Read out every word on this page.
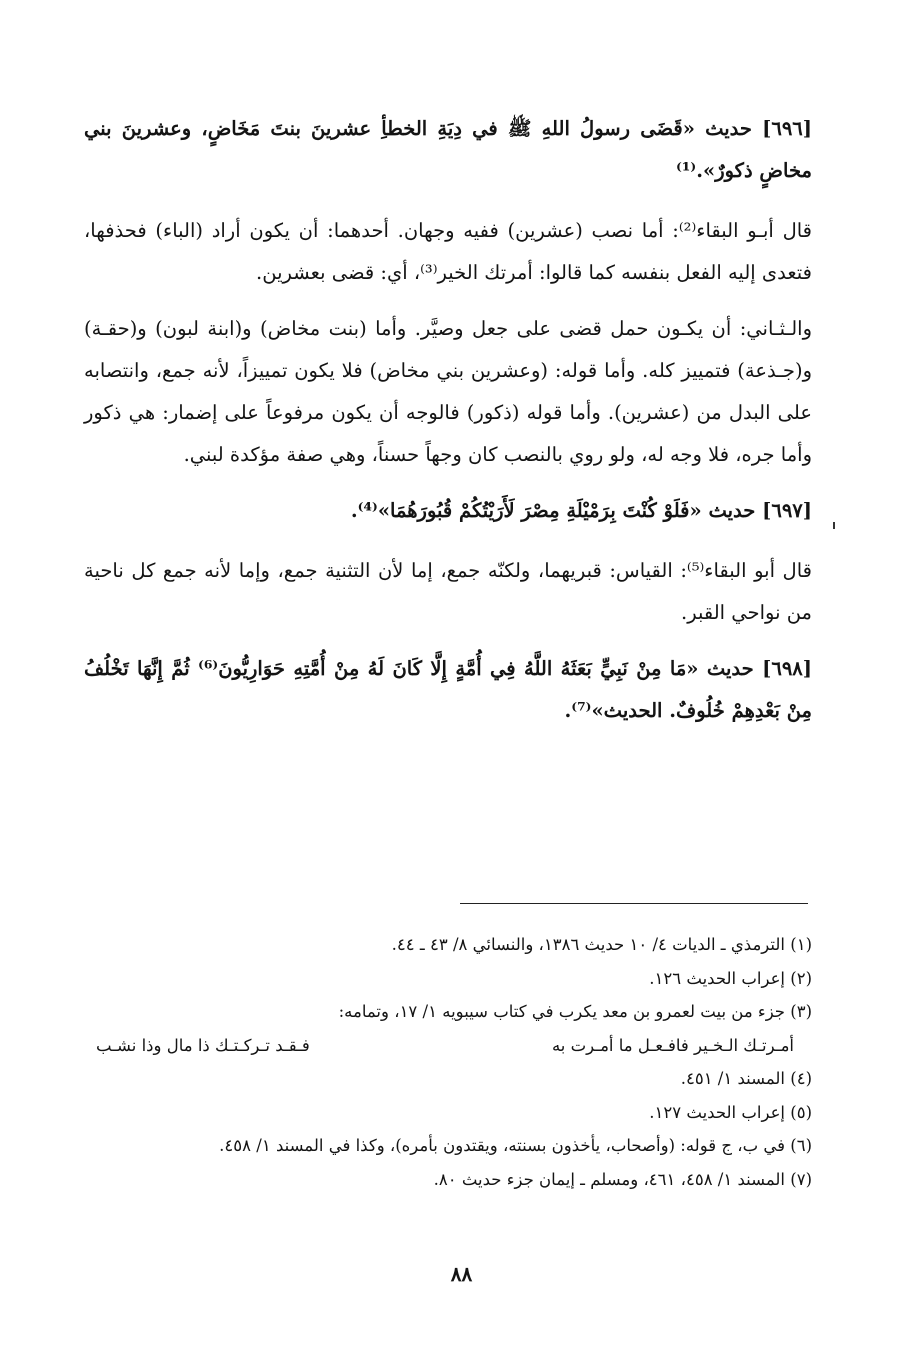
[٦٩٦] حديث «قَضَى رسولُ اللهِ ﷺ في دِيَةِ الخطأِ عشرينَ بنتَ مَخَاضٍ، وعشرينَ بني مخاضٍ ذكورٌ».⁽¹⁾

قال أبـو البقاء⁽²⁾: أما نصب (عشرين) ففيه وجهان. أحدهما: أن يكون أراد (الباء) فحذفها، فتعدى إليه الفعل بنفسه كما قالوا: أمرتك الخير⁽³⁾، أي: قضى بعشرين.

والـثـاني: أن يكـون حمل قضى على جعل وصيَّر. وأما (بنت مخاض) و(ابنة لبون) و(حقـة) و(جـذعة) فتمييز كله. وأما قوله: (وعشرين بني مخاض) فلا يكون تمييزاً، لأنه جمع، وانتصابه على البدل من (عشرين). وأما قوله (ذكور) فالوجه أن يكون مرفوعاً على إضمار: هي ذكور وأما جره، فلا وجه له، ولو روي بالنصب كان وجهاً حسناً، وهي صفة مؤكدة لبني.

[٦٩٧] حديث «فَلَوْ كُنْتَ بِرَمْيْلَةِ مِصْرَ لَأَرَيْتُكُمْ قُبُورَهُمَا»⁽⁴⁾.

قال أبو البقاء⁽⁵⁾: القياس: قبريهما، ولكنّه جمع، إما لأن التثنية جمع، وإما لأنه جمع كل ناحية من نواحي القبر.

[٦٩٨] حديث «مَا مِنْ نَبِيٍّ بَعَثَهُ اللَّهُ فِي أُمَّةٍ إِلَّا كَانَ لَهُ مِنْ أُمَّتِهِ حَوَارِيُّونَ⁽⁶⁾ ثُمَّ إِنَّهَا تَخْلُفُ مِنْ بَعْدِهِمْ خُلُوفٌ. الحديث»⁽⁷⁾.

(١) الترمذي ـ الديات ٤/ ١٠ حديث ١٣٨٦، والنسائي ٨/ ٤٣ ـ ٤٤.

(٢) إعراب الحديث ١٢٦.

(٣) جزء من بيت لعمرو بن معد يكرب في كتاب سيبويه ١/ ١٧، وتمامه:

أمـرتـك الـخـير فافـعـل ما أمـرت به
فـقـد تـركـتـك ذا مال وذا نشـب

(٤) المسند ١/ ٤٥١.

(٥) إعراب الحديث ١٢٧.

(٦) في ب، ج قوله: (وأصحاب، يأخذون بسنته، ويقتدون بأمره)، وكذا في المسند ١/ ٤٥٨.

(٧) المسند ١/ ٤٥٨، ٤٦١، ومسلم ـ إيمان جزء حديث ٨٠.

٨٨
